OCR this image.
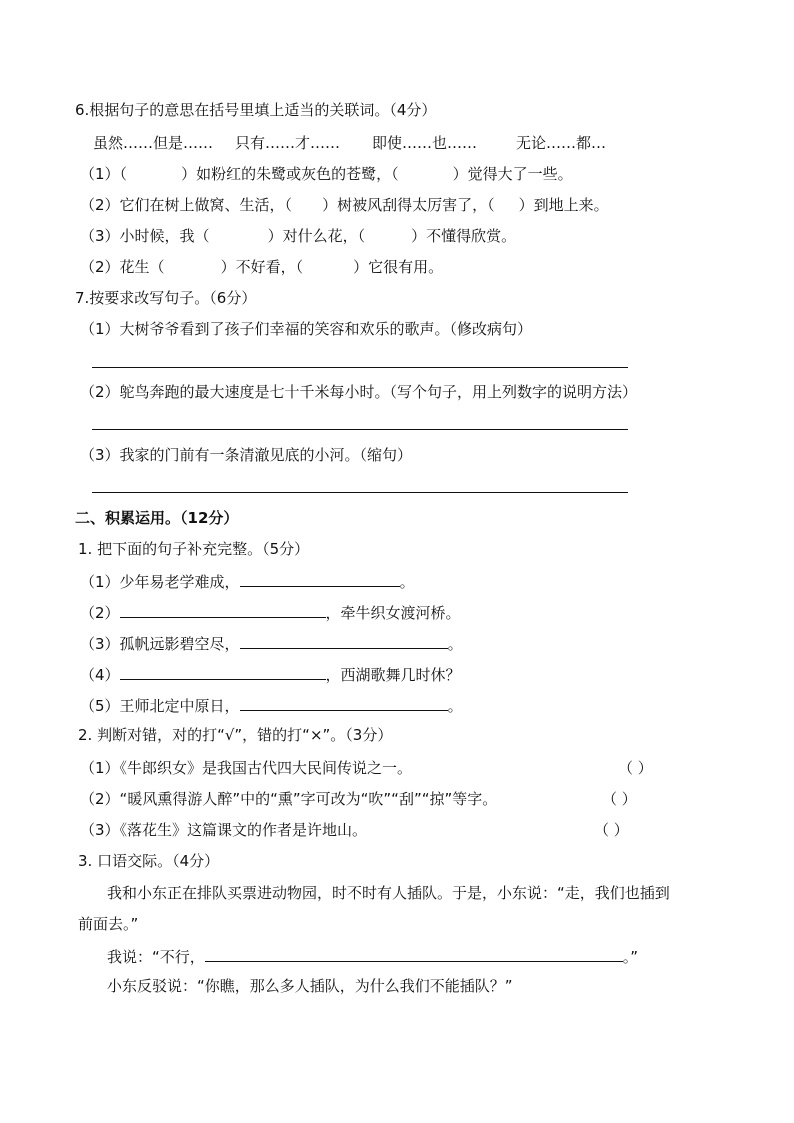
6.根据句子的意思在括号里填上适当的关联词。（4分）
虽然……但是…… 只有……才…… 即使……也……	无论……都…
（1）（	）如粉红的朱鹭或灰色的苍鹭，（	）觉得大了一些。
（2）它们在树上做窝、生活，（ ）树被风刮得太厉害了，（ ）到地上来。
（3）小时候，我（	）对什么花，（	）不懂得欣赏。
（2）花生（	）不好看，（	）它很有用。
7.按要求改写句子。（6分）
（1）大树爷爷看到了孩子们幸福的笑容和欢乐的歌声。（修改病句）
（2）鸵鸟奔跑的最大速度是七十千米每小时。（写个句子，用上列数字的说明方法）
（3）我家的门前有一条清澈见底的小河。（缩句）
二、积累运用。（12分）
1. 把下面的句子补充完整。（5分）
（1）少年易老学难成，	。
（2）	，牵牛织女渡河桥。
（3）孤帆远影碧空尽，	。
（4）	，西湖歌舞几时休？
（5）王师北定中原日，	。
2. 判断对错，对的打“√”，错的打“×”。（3分）
（1）《牛郎织女》是我国古代四大民间传说之一。	（ ）
（2）“暖风熏得游人醉”中的“熏”字可改为“吹”“刮”“掠”等字。	（ ）
（3）《落花生》这篇课文的作者是许地山。	（ ）
3. 口语交际。（4分）
我和小东正在排队买票进动物园，时不时有人插队。于是，小东说：“走，我们也插到
前面去。”
我说：“不行，	。”
小东反驳说：“你瞧，那么多人插队，为什么我们不能插队？”
